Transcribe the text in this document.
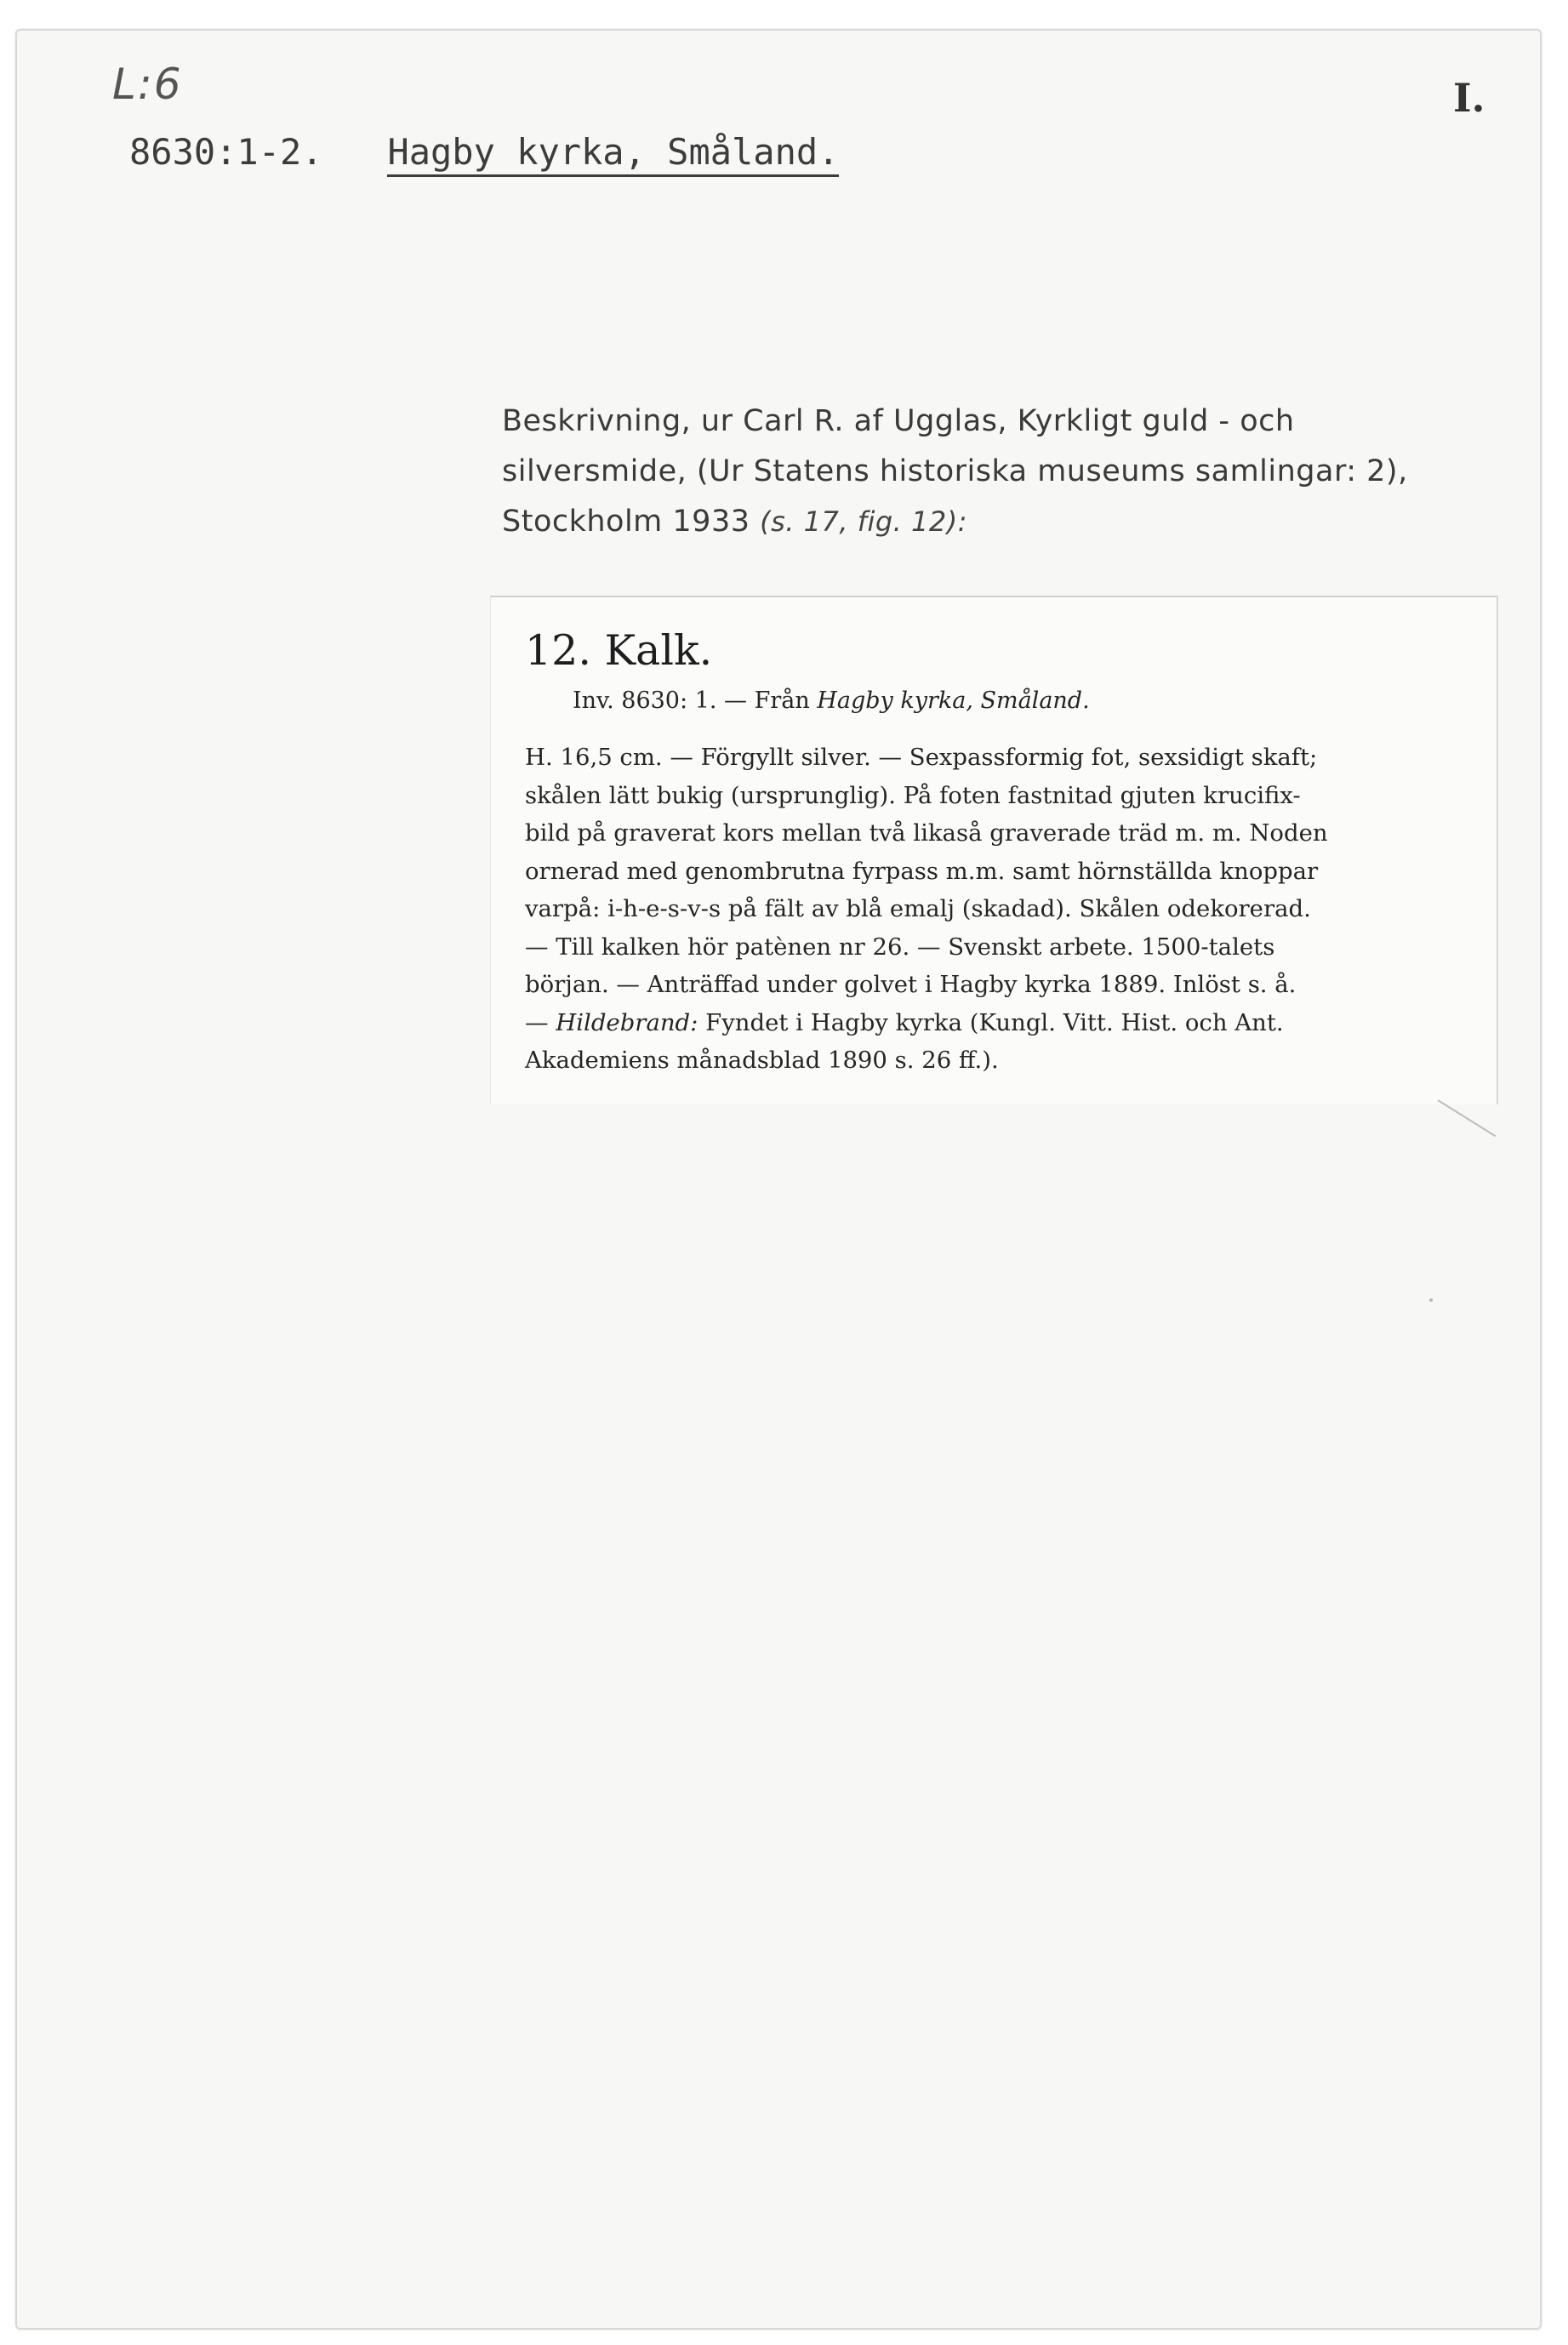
L:6	I.
8630:1-2. Hagby kyrka, Småland.
Beskrivning, ur Carl R. af Ugglas, Kyrkligt guld - och
silversmide, (Ur Statens historiska museums samlingar: 2),
Stockholm 1933 (s. 17, fig. 12):
12. Kalk.
Inv. 8630: 1. — Från Hagby kyrka, Småland.
H. 16,5 cm. — Förgyllt silver. — Sexpassformig fot, sexsidigt skaft;
skålen lätt bukig (ursprunglig). På foten fastnitad gjuten krucifix-
bild på graverat kors mellan två likaså graverade träd m. m. Noden
ornerad med genombrutna fyrpass m.m. samt hörnställda knoppar
varpå: i-h-e-s-v-s på fält av blå emalj (skadad). Skålen odekorerad.
— Till kalken hör patènen nr 26. — Svenskt arbete. 1500-talets
början. — Anträffad under golvet i Hagby kyrka 1889. Inlöst s. å.
— Hildebrand: Fyndet i Hagby kyrka (Kungl. Vitt. Hist. och Ant.
Akademiens månadsblad 1890 s. 26 ff.).
